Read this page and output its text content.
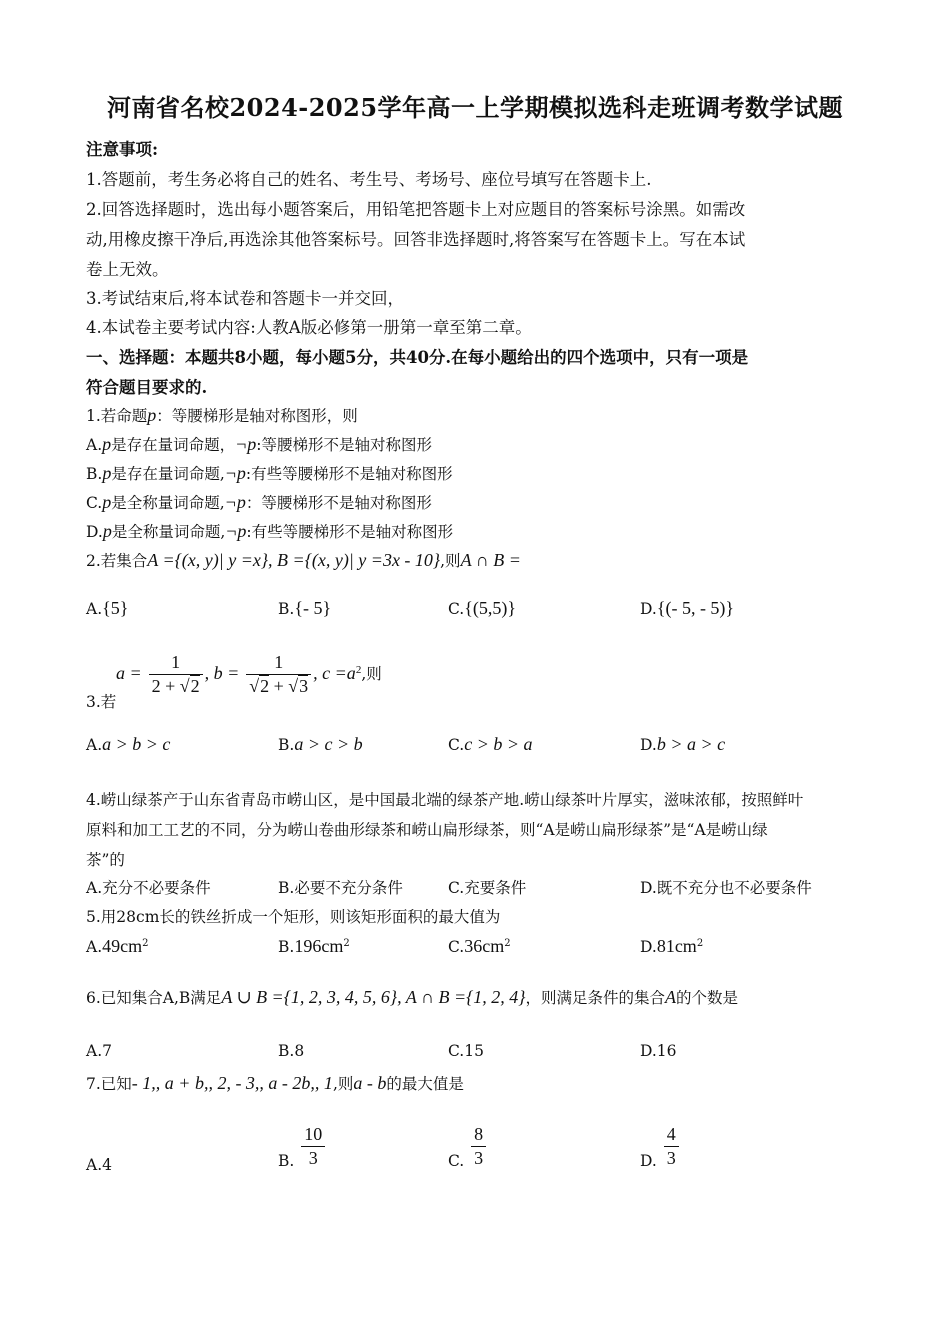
河南省名校2024-2025学年高一上学期模拟选科走班调考数学试题
注意事项:
1.答题前，考生务必将自己的姓名、考生号、考场号、座位号填写在答题卡上.
2.回答选择题时，选出每小题答案后，用铅笔把答题卡上对应题目的答案标号涂黑。如需改
动,用橡皮擦干净后,再选涂其他答案标号。回答非选择题时,将答案写在答题卡上。写在本试
卷上无效。
3.考试结束后,将本试卷和答题卡一并交回，
4.本试卷主要考试内容:人教A版必修第一册第一章至第二章。
一、选择题：本题共8小题，每小题5分，共40分.在每小题给出的四个选项中，只有一项是
符合题目要求的.
1.若命题p：等腰梯形是轴对称图形，则
A.p是存在量词命题，¬p:等腰梯形不是轴对称图形
B.p是存在量词命题,¬p:有些等腰梯形不是轴对称图形
C.p是全称量词命题,¬p：等腰梯形不是轴对称图形
D.p是全称量词命题,¬p:有些等腰梯形不是轴对称图形
2.若集合A ={(x, y)| y =x}, B ={(x, y)| y =3x - 10},则A ∩ B =
A.{5}	B.{- 5}	C.{(5,5)}	D.{(- 5, - 5)}
3.若
$a = \frac{1}{2 + √2}$ , $b = \frac{1}{√2 + √3}$ , $c =a^2$,则
A.a > b > c	B.a > c > b	C.c > b > a	D.b > a > c
4.崂山绿茶产于山东省青岛市崂山区，是中国最北端的绿茶产地.崂山绿茶叶片厚实，滋味浓郁，按照鲜叶
原料和加工工艺的不同，分为崂山卷曲形绿茶和崂山扁形绿茶，则“A是崂山扁形绿茶”是“A是崂山绿
茶”的
A.充分不必要条件	B.必要不充分条件	C.充要条件	D.既不充分也不必要条件
5.用28cm长的铁丝折成一个矩形，则该矩形面积的最大值为
$A.49cm^2$	$B.196cm^2$	$C.36cm^2$	$D.81cm^2$
6.已知集合A,B满足A ∪ B ={1, 2, 3, 4, 5, 6}, A ∩ B ={1, 2, 4}，则满足条件的集合A的个数是
A.7	B.8	C.15	D.16
7.已知- 1,, a + b,, 2, - 3,, a - 2b,, 1,则a - b的最大值是
A.4	B. $\frac{10}{3}$	C. $\frac{8}{3}$	D. $\frac{4}{3}$
